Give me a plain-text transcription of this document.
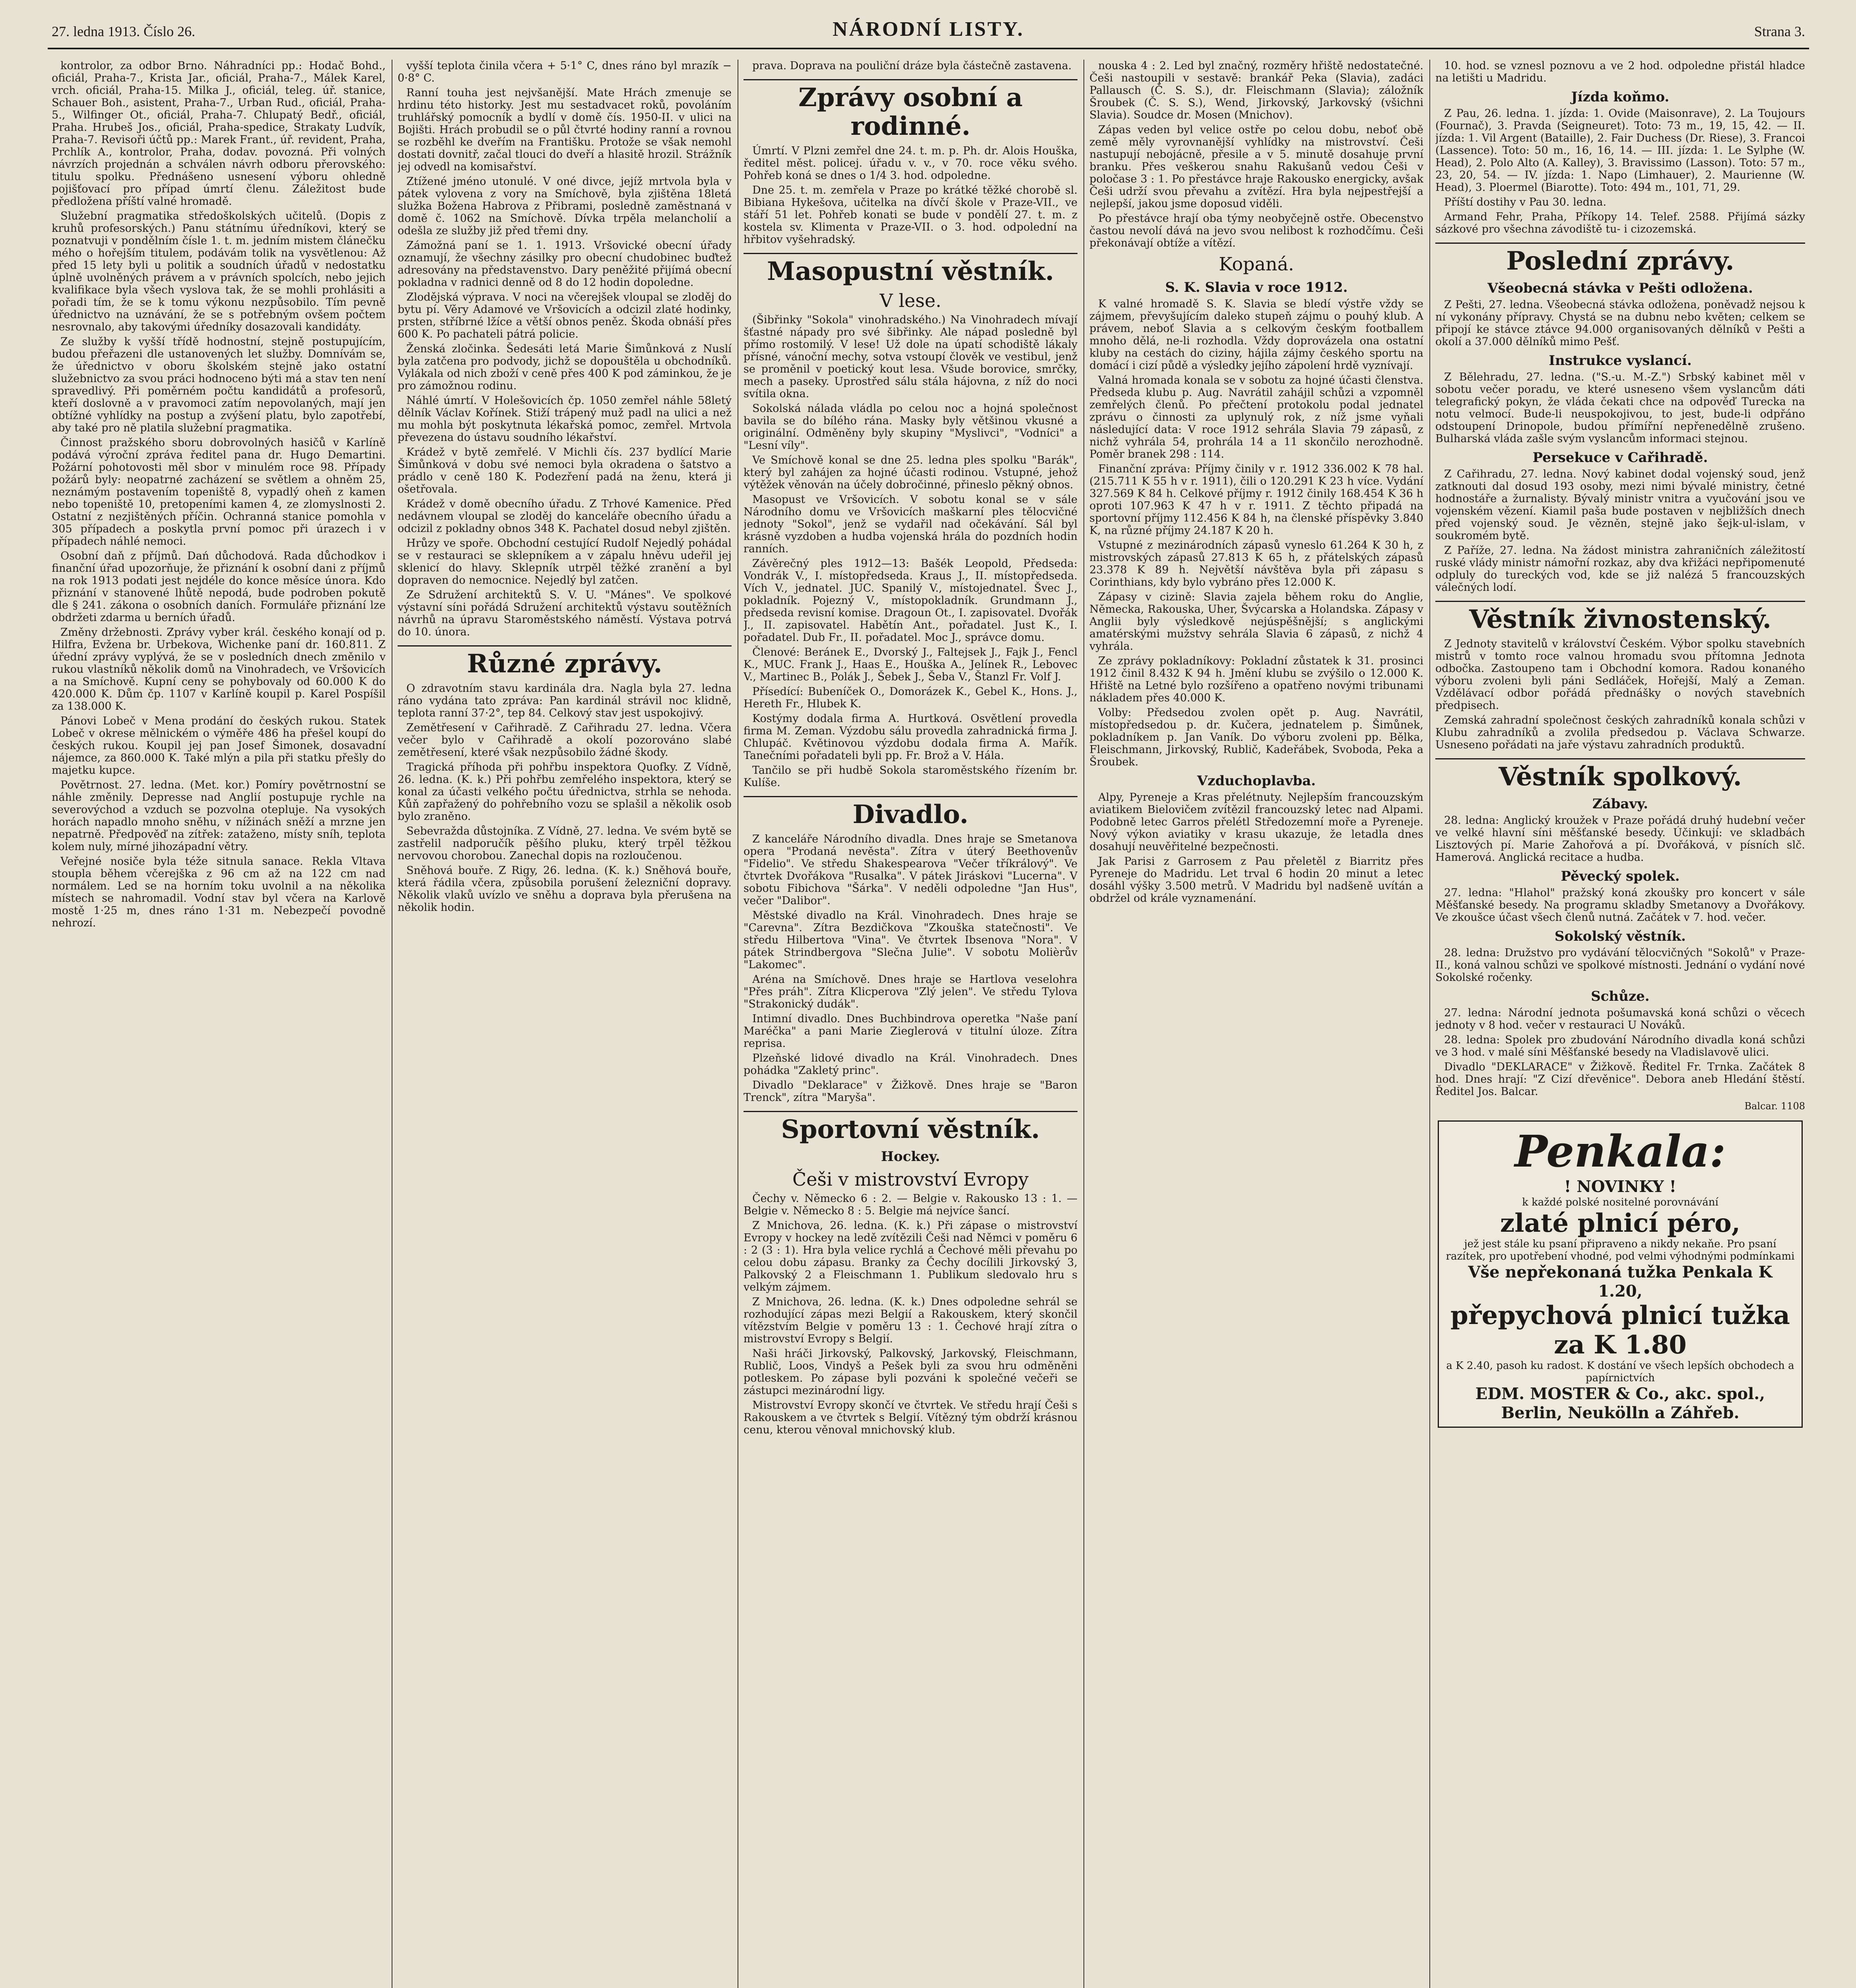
27. ledna 1913. Číslo 26.	NÁRODNÍ LISTY.	Strana 3.

kontrolor, za odbor Brno. Náhradníci pp.: Hodač Bohd., oficiál, Praha-7., Krista Jar., oficiál, Praha-7., Málek Karel, vrch. oficiál, Praha-15. Milka J., oficiál, teleg. úř. stanice, Schauer Boh., asistent, Praha-7., Urban Rud., oficiál, Praha-5., Wilfinger Ot., oficiál, Praha-7. Chlupatý Bedř., oficiál, Praha. Hrubeš Jos., oficiál, Praha-spedice, Strakaty Ludvík, Praha-7. Revisoři účtů pp.: Marek Frant., úř. revident, Praha, Prchlík A., kontrolor, Praha, dodav. povozná. Při volných návrzích projednán a schválen návrh odboru přerovského: titulu spolku. Přednášeno usnesení výboru ohledně pojišťovací pro případ úmrtí členu. Záležitost bude předložena příští valné hromadě.

Služební pragmatika středoškolských učitelů. (Dopis z kruhů profesorských.) Panu státnímu úředníkovi, který se poznatvuji v pondělním čísle 1. t. m. jedním mistem článečku mého o hořejším titulem, podávám tolik na vysvětlenou: Až před 15 lety byli u politik a soudních úřadů v nedostatku úplně uvolněných právem a v právních spolcích, nebo jejich kvalifikace byla všech vyslova tak, že se mohli prohlásiti a pořadi tím, že se k tomu výkonu nezpůsobilo. Tím pevně úřednictvo na uznávání, že se s potřebným ovšem počtem nesrovnalo, aby takovými úředníky dosazovali kandidáty.

Ze služby k vyšší třídě hodnostní, stejně postupujícím, budou přeřazeni dle ustanovených let služby. Domnívám se, že úřednictvo v oboru školském stejně jako ostatní služebnictvo za svou práci hodnoceno býti má a stav ten není spravedlivý. Při poměrném počtu kandidátů a profesorů, kteří doslovně a v pravomoci zatím nepovolaných, mají jen obtížné vyhlídky na postup a zvýšení platu, bylo zapotřebí, aby také pro ně platila služební pragmatika.

Činnost pražského sboru dobrovolných hasičů v Karlíně podává výroční zpráva ředitel pana dr. Hugo Demartini. Požární pohotovosti měl sbor v minulém roce 98. Případy požárů byly: neopatrné zacházení se světlem a ohněm 25, neznámým postavením topeniště 8, vypadlý oheň z kamen nebo topeniště 10, pretopeními kamen 4, ze zlomyslnosti 2. Ostatní z nezjištěných příčin. Ochranná stanice pomohla v 305 případech a poskytla první pomoc při úrazech i v případech náhlé nemoci.

Osobní daň z příjmů. Dań důchodová. Rada důchodkov i finanční úřad upozorňuje, že přiznání k osobní dani z příjmů na rok 1913 podati jest nejdéle do konce měsíce února. Kdo přiznání v stanovené lhůtě nepodá, bude podroben pokutě dle § 241. zákona o osobních daních. Formuláře přiznání lze obdržeti zdarma u berních úřadů.

Změny držebnosti. Zprávy vyber král. českého konají od p. Hilfra, Evžena br. Urbekova, Wichenke paní dr. 160.811. Z úřední zprávy vyplývá, že se v posledních dnech změnilo v rukou vlastníků několik domů na Vinohradech, ve Vršovicích a na Smíchově. Kupní ceny se pohybovaly od 60.000 K do 420.000 K. Dům čp. 1107 v Karlíně koupil p. Karel Pospíšil za 138.000 K.

Pánovi Lobeč v Mena prodání do českých rukou. Statek Lobeč v okrese mělnickém o výměře 486 ha přešel koupí do českých rukou. Koupil jej pan Josef Šimonek, dosavadní nájemce, za 860.000 K. Také mlýn a pila při statku přešly do majetku kupce.

Povětrnost. 27. ledna. (Met. kor.) Pomíry povětrnostní se náhle změnily. Depresse nad Anglií postupuje rychle na severovýchod a vzduch se pozvolna otepluje. Na vysokých horách napadlo mnoho sněhu, v nížinách sněží a mrzne jen nepatrně. Předpověď na zítřek: zataženo, místy sníh, teplota kolem nuly, mírné jihozápadní větry.

Veřejné nosiče byla téže sitnula sanace. Rekla Vltava stoupla během včerejška z 96 cm až na 122 cm nad normálem. Led se na horním toku uvolnil a na několika místech se nahromadil. Vodní stav byl včera na Karlově mostě 1·25 m, dnes ráno 1·31 m. Nebezpečí povodně nehrozí.

vyšší teplota činila včera + 5·1° C, dnes ráno byl mrazík − 0·8° C.

Ranní touha jest nejvšanější. Mate Hrách zmenuje se hrdinu této historky. Jest mu sestadvacet roků, povoláním truhlářský pomocník a bydlí v domě čís. 1950-II. v ulici na Bojišti. Hrách probudil se o půl čtvrté hodiny ranní a rovnou se rozběhl ke dveřím na Františku. Protože se však nemohl dostati dovnitř, začal tlouci do dveří a hlasitě hrozil. Strážník jej odvedl na komisařství.

Ztížené jméno utonulé. V oné divce, jejíž mrtvola byla v pátek vylovena z vory na Smíchově, byla zjištěna 18letá služka Božena Habrova z Přibrami, posledně zaměstnaná v domě č. 1062 na Smíchově. Dívka trpěla melancholií a odešla ze služby již před třemi dny.

Zámožná paní se 1. 1. 1913. Vršovické obecní úřady oznamují, že všechny zásilky pro obecní chudobinec buďtež adresovány na představenstvo. Dary peněžité přijímá obecní pokladna v radnici denně od 8 do 12 hodin dopoledne.

Zlodějská výprava. V noci na včerejšek vloupal se zloděj do bytu pí. Věry Adamové ve Vršovicích a odcizil zlaté hodinky, prsten, stříbrné lžíce a větší obnos peněz. Škoda obnáší přes 600 K. Po pachateli pátrá policie.

Ženská zločinka. Šedesáti letá Marie Šimůnková z Nuslí byla zatčena pro podvody, jichž se dopouštěla u obchodníků. Vylákala od nich zboží v ceně přes 400 K pod záminkou, že je pro zámožnou rodinu.

Náhlé úmrtí. V Holešovicích čp. 1050 zemřel náhle 58letý dělník Václav Kořínek. Stiží trápený muž padl na ulici a než mu mohla být poskytnuta lékařská pomoc, zemřel. Mrtvola převezena do ústavu soudního lékařství.

Krádež v bytě zemřelé. V Michli čís. 237 bydlící Marie Šimůnková v ​​dobu své nemoci byla okradena o šatstvo a prádlo v ceně 180 K. Podezření padá na ženu, která ji ošetřovala.

Krádež v domě obecního úřadu. Z Trhové Kamenice. Před nedávnem vloupal se zloděj do kanceláře obecního úřadu a odcizil z pokladny obnos 348 K. Pachatel dosud nebyl zjištěn.

Hrůzy ve spoře. Obchodní cestující Rudolf Nejedlý pohádal se v restauraci se sklepníkem a v zápalu hněvu udeřil jej sklenicí do hlavy. Sklepník utrpěl těžké zranění a byl dopraven do nemocnice. Nejedlý byl zatčen.

Ze Sdružení architektů S. V. U. "Mánes". Ve spolkové výstavní síni pořádá Sdružení architektů výstavu soutěžních návrhů na úpravu Staroměstského náměstí. Výstava potrvá do 10. února.

Různé zprávy.

O zdravotním stavu kardinála dra. Nagla byla 27. ledna ráno vydána tato zpráva: Pan kardinál strávil noc klidně, teplota ranní 37·2°, tep 84. Celkový stav jest uspokojivý.

Zemětřesení v Cařihradě. Z Cařihradu 27. ledna. Včera večer bylo v Cařihradě a okolí pozorováno slabé zemětřesení, které však nezpůsobilo žádné škody.

Tragická příhoda při pohřbu inspektora Quofky. Z Vídně, 26. ledna. (K. k.) Při pohřbu zemřelého inspektora, který se konal za účasti velkého počtu úřednictva, strhla se nehoda. Kůň zapřažený do pohřebního vozu se splašil a několik osob bylo zraněno.

Sebevražda důstojníka. Z Vídně, 27. ledna. Ve svém bytě se zastřelil nadporučík pěšího pluku, který trpěl těžkou nervovou chorobou. Zanechal dopis na rozloučenou.

Sněhová bouře. Z Rigy, 26. ledna. (K. k.) Sněhová bouře, která řádila včera, způsobila porušení železniční dopravy. Několik vlaků uvízlo ve sněhu a doprava byla přerušena na několik hodin.

prava. Doprava na pouliční dráze byla částečně zastavena.

Zprávy osobní a rodinné.

Úmrtí. V Plzni zemřel dne 24. t. m. p. Ph. dr. Alois Houška, ředitel měst. policej. úřadu v. v., v 70. roce věku svého. Pohřeb koná se dnes o 1/4 3. hod. odpoledne.

Dne 25. t. m. zemřela v Praze po krátké těžké chorobě sl. Bibiana Hykešova, učitelka na dívčí škole v Praze-VII., ve stáří 51 let. Pohřeb konati se bude v pondělí 27. t. m. z kostela sv. Klimenta v Praze-VII. o 3. hod. odpolední na hřbitov vyšehradský.

Masopustní věstník.
V lese.

(Šibřinky "Sokola" vinohradského.) Na Vinohradech mívají šťastné nápady pro své šibřinky. Ale nápad posledně byl přímo rostomilý. V lese! Už dole na úpatí schodiště lákaly přísné, vánoční mechy, sotva vstoupí člověk ve vestibul, jenž se proměnil v poetický kout lesa. Všude borovice, smrčky, mech a paseky. Uprostřed sálu stála hájovna, z níž do noci svítila okna.

Sokolská nálada vládla po celou noc a hojná společnost bavila se do bílého rána. Masky byly většinou vkusné a originální. Odměněny byly skupiny "Myslivci", "Vodníci" a "Lesní víly".

Ve Smíchově konal se dne 25. ledna ples spolku "Barák", který byl zahájen za hojné účasti rodinou. Vstupné, jehož výtěžek věnován na účely dobročinné, přineslo pěkný obnos.

Masopust ve Vršovicích. V sobotu konal se v sále Národního domu ve Vršovicích maškarní ples tělocvičné jednoty "Sokol", jenž se vydařil nad očekávání. Sál byl krásně vyzdoben a hudba vojenská hrála do pozdních hodin ranních.

Závěrečný ples 1912—13: Bašék Leopold, Předseda: Vondrák V., I. místopředseda. Kraus J., II. místopředseda. Vích V., jednatel. JUC. Spanilý V., místojednatel. Švec J., pokladník. Pojezný V., místopokladník. Grundmann J., předseda revisní komise. Dragoun Ot., I. zapisovatel. Dvořák J., II. zapisovatel. Habětín Ant., pořadatel. Just K., I. pořadatel. Dub Fr., II. pořadatel. Moc J., správce domu.

Členové: Beránek E., Dvorský J., Faltejsek J., Fajk J., Fencl K., MUC. Frank J., Haas E., Houška A., Jelínek R., Lebovec V., Martinec B., Polák J., Šebek J., Šeba V., Štanzl Fr. Volf J.

Přísedící: Bubeníček O., Domorázek K., Gebel K., Hons. J., Hereth Fr., Hlubek K.

Kostýmy dodala firma A. Hurtková. Osvětlení provedla firma M. Zeman. Výzdobu sálu provedla zahradnická firma J. Chlupáč. Květinovou výzdobu dodala firma A. Mařík. Tanečními pořadateli byli pp. Fr. Brož a V. Hála.

Tančilo se při hudbě Sokola staroměstského řízením br. Kulíše.

Divadlo.

Z kanceláře Národního divadla. Dnes hraje se Smetanova opera "Prodaná nevěsta". Zítra v úterý Beethovenův "Fidelio". Ve středu Shakespearova "Večer tříkrálový". Ve čtvrtek Dvořákova "Rusalka". V pátek Jiráskovi "Lucerna". V sobotu Fibichova "Šárka". V neděli odpoledne "Jan Hus", večer "Dalibor".

Městské divadlo na Král. Vinohradech. Dnes hraje se "Carevna". Zítra Bezdičkova "Zkouška statečnosti". Ve středu Hilbertova "Vina". Ve čtvrtek Ibsenova "Nora". V pátek Strindbergova "Slečna Julie". V sobotu Molièrův "Lakomec".

Aréna na Smíchově. Dnes hraje se Hartlova veselohra "Přes práh". Zítra Klicperova "Zlý jelen". Ve středu Tylova "Strakonický dudák".

Intimní divadlo. Dnes Buchbindrova operetka "Naše paní Maréčka" a pani Marie Zieglerová v titulní úloze. Zítra reprisa.

Plzeňské lidové divadlo na Král. Vinohradech. Dnes pohádka "Zakletý princ".

Divadlo "Deklarace" v Žižkově. Dnes hraje se "Baron Trenck", zítra "Maryša".

Sportovní věstník.
Hockey.
Češi v mistrovství Evropy

Čechy v. Německo 6 : 2. — Belgie v. Rakousko 13 : 1. — Belgie v. Německo 8 : 5. Belgie má nejvíce šancí.

Z Mnichova, 26. ledna. (K. k.) Při zápase o mistrovství Evropy v hockey na ledě zvítězili Češi nad Němci v poměru 6 : 2 (3 : 1). Hra byla velice rychlá a Čechové měli převahu po celou dobu zápasu. Branky za Čechy docílili Jirkovský 3, Palkovský 2 a Fleischmann 1. Publikum sledovalo hru s velkým zájmem.

Z Mnichova, 26. ledna. (K. k.) Dnes odpoledne sehrál se rozhodující zápas mezi Belgií a Rakouskem, který skončil vítězstvím Belgie v poměru 13 : 1. Čechové hrají zítra o mistrovství Evropy s Belgií.

Naši hráči Jirkovský, Palkovský, Jarkovský, Fleischmann, Rublič, Loos, Vindyš a Pešek byli za svou hru odměněni potleskem. Po zápase byli pozváni k společné večeři se zástupci mezinárodní ligy.

Mistrovství Evropy skončí ve čtvrtek. Ve středu hrají Češi s Rakouskem a ve čtvrtek s Belgií. Vítězný tým obdrží krásnou cenu, kterou věnoval mnichovský klub.

nouska 4 : 2. Led byl značný, rozměry hřiště nedostatečné. Češi nastoupili v sestavě: brankář Peka (Slavia), zadáci Pallausch (Č. S. S.), dr. Fleischmann (Slavia); záložník Šroubek (Č. S. S.), Wend, Jirkovský, Jarkovský (všichni Slavia). Soudce dr. Mosen (Mnichov).

Zápas veden byl velice ostře po celou dobu, neboť obě země měly vyrovnanější vyhlídky na mistrovství. Češi nastupují nebojácně, přesile a v 5. minutě dosahuje první branku. Přes veškerou snahu Rakušanů vedou Češi v poločase 3 : 1. Po přestávce hraje Rakousko energicky, avšak Češi udrží svou převahu a zvítězí. Hra byla nejpestřejší a nejlepší, jakou jsme doposud viděli.

Po přestávce hrají oba týmy neobyčejně ostře. Obecenstvo častou nevolí dává na jevo svou nelibost k rozhodčímu. Češi překonávají obtíže a vítězí.

Kopaná.
S. K. Slavia v roce 1912.

K valné hromadě S. K. Slavia se bledí výstře vždy se zájmem, převyšujícím daleko stupeň zájmu o pouhý klub. A právem, neboť Slavia a s celkovým českým footballem mnoho dělá, ne-li rozhodla. Vždy doprovázela ona ostatní kluby na cestách do ciziny, hájila zájmy českého sportu na domácí i cizí půdě a výsledky jejího zápolení hrdě vyznívají.

Valná hromada konala se v sobotu za hojné účasti členstva. Předseda klubu p. Aug. Navrátil zahájil schůzi a vzpomněl zemřelých členů. Po přečtení protokolu podal jednatel zprávu o činnosti za uplynulý rok, z níž jsme vyňali následující data: V roce 1912 sehrála Slavia 79 zápasů, z nichž vyhrála 54, prohrála 14 a 11 skončilo nerozhodně. Poměr branek 298 : 114.

Finanční zpráva: Příjmy činily v r. 1912 336.002 K 78 hal. (215.711 K 55 h v r. 1911), čili o 120.291 K 23 h více. Vydání 327.569 K 84 h. Celkové příjmy r. 1912 činily 168.454 K 36 h oproti 107.963 K 47 h v r. 1911. Z těchto připadá na sportovní příjmy 112.456 K 84 h, na členské příspěvky 3.840 K, na různé příjmy 24.187 K 20 h.

Vstupné z mezinárodních zápasů vyneslo 61.264 K 30 h, z mistrovských zápasů 27.813 K 65 h, z přátelských zápasů 23.378 K 89 h. Největší návštěva byla při zápasu s Corinthians, kdy bylo vybráno přes 12.000 K.

Zápasy v cizině: Slavia zajela během roku do Anglie, Německa, Rakouska, Uher, Švýcarska a Holandska. Zápasy v Anglii byly výsledkově nejúspěšnější; s anglickými amatérskými mužstvy sehrála Slavia 6 zápasů, z nichž 4 vyhrála.

Ze zprávy pokladníkovy: Pokladní zůstatek k 31. prosinci 1912 činil 8.432 K 94 h. Jmění klubu se zvýšilo o 12.000 K. Hřiště na Letné bylo rozšířeno a opatřeno novými tribunami nákladem přes 40.000 K.

Volby: Předsedou zvolen opět p. Aug. Navrátil, místopředsedou p. dr. Kučera, jednatelem p. Šimůnek, pokladníkem p. Jan Vaník. Do výboru zvoleni pp. Bělka, Fleischmann, Jirkovský, Rublič, Kadeřábek, Svoboda, Peka a Šroubek.

Vzduchoplavba.

Alpy, Pyreneje a Kras přelétnuty. Nejlepším francouzským aviatikem Bielovičem zvítězil francouzský letec nad Alpami. Podobně letec Garros přelétl Středozemní moře a Pyreneje. Nový výkon aviatiky v krasu ukazuje, že letadla dnes dosahují neuvěřitelné bezpečnosti.

Jak Parisi z Garrosem z Pau přeletěl z Biarritz přes Pyreneje do Madridu. Let trval 6 hodin 20 minut a letec dosáhl výšky 3.500 metrů. V Madridu byl nadšeně uvítán a obdržel od krále vyznamenání.

10. hod. se vznesl poznovu a ve 2 hod. odpoledne přistál hladce na letišti u Madridu.

Jízda koňmo.

Z Pau, 26. ledna. 1. jízda: 1. Ovide (Maisonrave), 2. La Toujours (Fournač), 3. Pravda (Seigneuret). Toto: 73 m., 19, 15, 42. — II. jízda: 1. Vil Argent (Bataille), 2. Fair Duchess (Dr. Riese), 3. Francoi (Lassence). Toto: 50 m., 16, 16, 14. — III. jízda: 1. Le Sylphe (W. Head), 2. Polo Alto (A. Kalley), 3. Bravissimo (Lasson). Toto: 57 m., 23, 20, 54. — IV. jízda: 1. Napo (Limhauer), 2. Maurienne (W. Head), 3. Ploermel (Biarotte). Toto: 494 m., 101, 71, 29.

Příští dostihy v Pau 30. ledna.

Armand Fehr, Praha, Příkopy 14. Telef. 2588. Přijímá sázky sázkové pro všechna závodiště tu- i cizozemská.

Poslední zprávy.
Všeobecná stávka v Pešti odložena.

Z Pešti, 27. ledna. Všeobecná stávka odložena, poněvadž nejsou k ní vykonány přípravy. Chystá se na dubnu nebo květen; celkem se připojí ke stávce ztávce 94.000 organisovaných dělníků v Pešti a okolí a 37.000 dělníků mimo Pešť.

Instrukce vyslancí.

Z Bělehradu, 27. ledna. ("S.-u. M.-Z.") Srbský kabinet měl v sobotu večer poradu, ve které usneseno všem vyslancům dáti telegrafický pokyn, že vláda čekati chce na odpověď Turecka na notu velmocí. Bude-li neuspokojivou, to jest, bude-li odpřáno odstoupení Drinopole, budou přímířní nepřenedělně zrušeno. Bulharská vláda zašle svým vyslancům informaci stejnou.

Persekuce v Cařihradě.

Z Cařihradu, 27. ledna. Nový kabinet dodal vojenský soud, jenž zatknouti dal dosud 193 osoby, mezi nimi bývalé ministry, četné hodnostáře a žurnalisty. Bývalý ministr vnitra a vyučování jsou ve vojenském vězení. Kiamil paša bude postaven v nejbližších dnech před vojenský soud. Je vězněn, stejně jako šejk-ul-islam, v soukromém bytě.

Z Paříže, 27. ledna. Na žádost ministra zahraničních záležitostí ruské vlády ministr námořní rozkaz, aby dva křižáci nepřipomenuté odpluly do tureckých vod, kde se již nalézá 5 francouzských válečných lodí.

Věstník živnostenský.

Z Jednoty stavitelů v království Českém. Výbor spolku stavebních mistrů v tomto roce valnou hromadu svou přítomna Jednota odbočka. Zastoupeno tam i Obchodní komora. Radou konaného výboru zvoleni byli páni Sedláček, Hořejší, Malý a Zeman. Vzdělávací odbor pořádá přednášky o nových stavebních předpisech.

Zemská zahradní společnost českých zahradníků konala schůzi v Klubu zahradníků a zvolila předsedou p. Václava Schwarze. Usneseno pořádati na jaře výstavu zahradních produktů.

Věstník spolkový.
Zábavy.

28. ledna: Anglický kroužek v Praze pořádá druhý hudební večer ve velké hlavní síni měšťanské besedy. Účinkují: ve skladbách Lisztových pí. Marie Zahořová a pí. Dvořáková, v písních slč. Hamerová. Anglická recitace a hudba.

Pěvecký spolek.

27. ledna: "Hlahol" pražský koná zkoušky pro koncert v sále Měšťanské besedy. Na programu skladby Smetanovy a Dvořákovy. Ve zkoušce účast všech členů nutná. Začátek v 7. hod. večer.

Sokolský věstník.

28. ledna: Družstvo pro vydávání tělocvičných "Sokolů" v Praze-II., koná valnou schůzi ve spolkové místnosti. Jednání o vydání nové Sokolské ročenky.

Schůze.

27. ledna: Národní jednota pošumavská koná schůzi o věcech jednoty v 8 hod. večer v restauraci U Nováků.

28. ledna: Spolek pro zbudování Národního divadla koná schůzi ve 3 hod. v malé síni Měšťanské besedy na Vladislavově ulici.

Divadlo "DEKLARACE" v Žižkově. Ředitel Fr. Trnka. Začátek 8 hod. Dnes hrají: "Z Cizí dřevěnice". Debora aneb Hledání štěstí. Ředitel Jos. Balcar.

Balcar. 1108
Penkala:
! NOVINKY !
k každé polské nositelné porovnávání
zlaté plnicí péro,
jež jest stále ku psaní připraveno a nikdy nekaňe. Pro psaní razítek, pro upotřebení vhodné, pod velmi výhodnými podmínkami
Vše nepřekonaná tužka Penkala K 1.20,
přepychová plnicí tužka za K 1.80
a K 2.40, pasoh ku radost. K dostání ve všech lepších obchodech a papírnictvích
EDM. MOSTER & Co., akc. spol., Berlin, Neukölln a Záhřeb.
